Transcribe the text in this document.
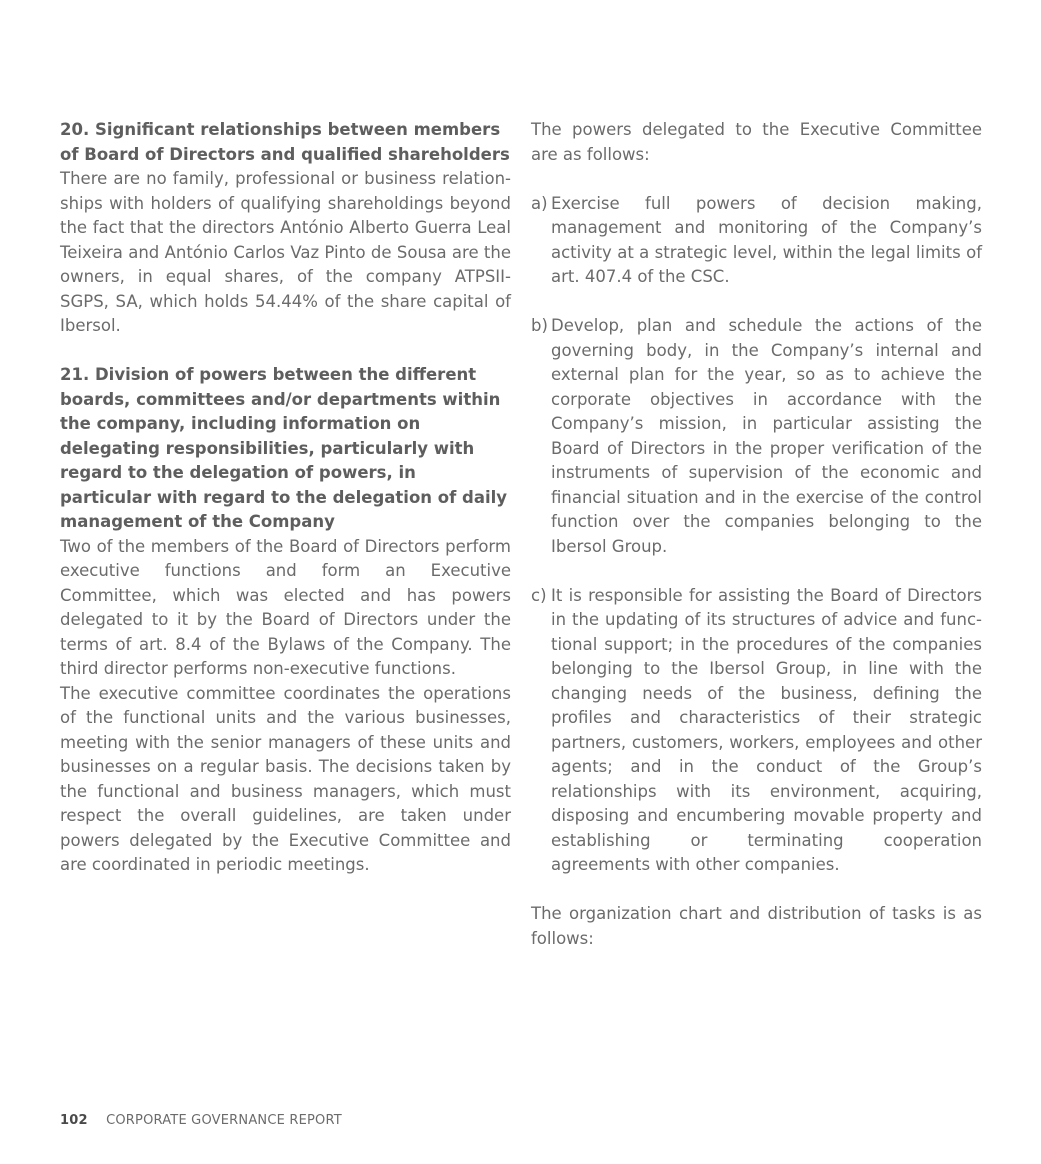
20. Significant relationships between members of Board of Directors and qualified shareholders

There are no family, professional or business relationships with holders of qualifying shareholdings beyond the fact that the directors António Alberto Guerra Leal Teixeira and António Carlos Vaz Pinto de Sousa are the owners, in equal shares, of the company ATPSII- SGPS, SA, which holds 54.44% of the share capital of Ibersol.

21. Division of powers between the different boards, committees and/or departments within the company, including information on delegating responsibilities, particularly with regard to the delegation of powers, in particular with regard to the delegation of daily management of the Company

Two of the members of the Board of Directors perform executive functions and form an Executive Committee, which was elected and has powers delegated to it by the Board of Directors under the terms of art. 8.4 of the Bylaws of the Company. The third director performs non-executive functions.

The executive committee coordinates the operations of the functional units and the various businesses, meeting with the senior managers of these units and businesses on a regular basis. The decisions taken by the functional and business managers, which must respect the overall guidelines, are taken under powers delegated by the Executive Committee and are coordinated in periodic meetings.

The powers delegated to the Executive Committee are as follows:

a) Exercise full powers of decision making, management and monitoring of the Company’s activity at a strategic level, within the legal limits of art. 407.4 of the CSC.
b) Develop, plan and schedule the actions of the governing body, in the Company’s internal and external plan for the year, so as to achieve the corporate objectives in accordance with the Company’s mission, in particular assisting the Board of Directors in the proper verification of the instruments of supervision of the economic and financial situation and in the exercise of the control function over the companies belonging to the Ibersol Group.
c) It is responsible for assisting the Board of Directors in the updating of its structures of advice and functional support; in the procedures of the companies belonging to the Ibersol Group, in line with the changing needs of the business, defining the profiles and characteristics of their strategic partners, customers, workers, employees and other agents; and in the conduct of the Group’s relationships with its environment, acquiring, disposing and encumbering movable property and establishing or terminating cooperation agreements with other companies.

The organization chart and distribution of tasks is as follows:

102 CORPORATE GOVERNANCE REPORT
